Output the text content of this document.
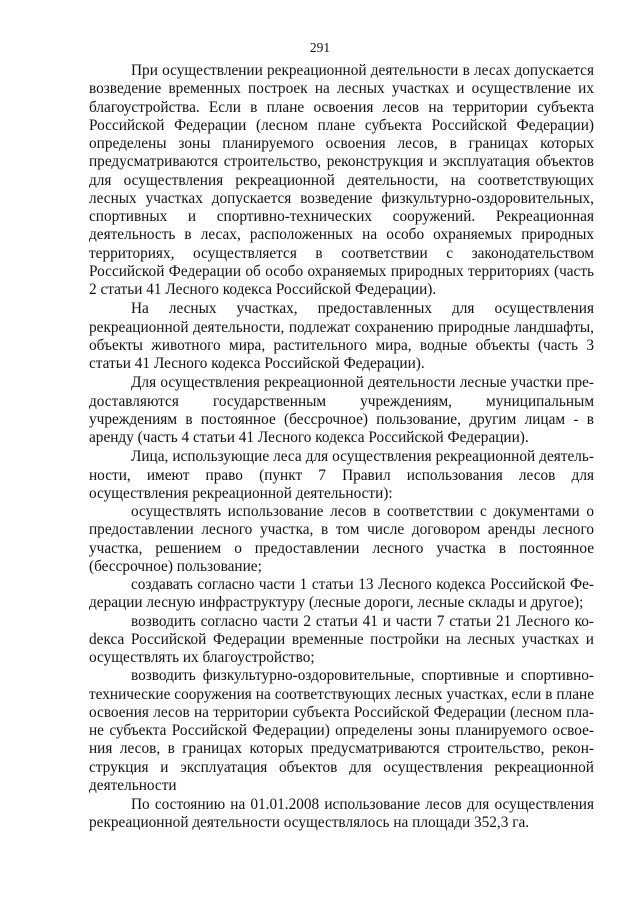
291

При осуществлении рекреационной деятельности в лесах допускается возведение временных построек на лесных участках и осуществление их благоустройства. Если в плане освоения лесов на территории субъекта Российской Федерации (лесном плане субъекта Российской Федерации) определены зоны планируемого освоения лесов, в границах которых предусматриваются строительство, реконструкция и эксплуатация объектов для осуществления рекреационной деятельности, на соответствующих лесных участках допускается возведение физкультурно-оздоровительных, спортивных и спортивно-технических сооружений. Рекреационная деятельность в лесах, расположенных на особо охраняемых природных территориях, осуществляется в соответствии с законодательством Российской Федерации об особо охраняемых природных территориях (часть 2 статьи 41 Лесного кодекса Российской Федерации).

На лесных участках, предоставленных для осуществления рекреационной деятельности, подлежат сохранению природные ландшафты, объекты животного мира, растительного мира, водные объекты (часть 3 статьи 41 Лесного кодекса Российской Федерации).

Для осуществления рекреационной деятельности лесные участки предоставляются государственным учреждениям, муниципальным учреждениям в постоянное (бессрочное) пользование, другим лицам - в аренду (часть 4 статьи 41 Лесного кодекса Российской Федерации).

Лица, использующие леса для осуществления рекреационной деятельности, имеют право (пункт 7 Правил использования лесов для осуществления рекреационной деятельности):

осуществлять использование лесов в соответствии с документами о предоставлении лесного участка, в том числе договором аренды лесного участка, решением о предоставлении лесного участка в постоянное (бессрочное) пользование;

создавать согласно части 1 статьи 13 Лесного кодекса Российской Федерации лесную инфраструктуру (лесные дороги, лесные склады и другое);

возводить согласно части 2 статьи 41 и части 7 статьи 21 Лесного коdекса Российской Федерации временные постройки на лесных участках и осуществлять их благоустройство;

возводить физкультурно-оздоровительные, спортивные и спортивно-технические сооружения на соответствующих лесных участках, если в плане освоения лесов на территории субъекта Российской Федерации (лесном плане субъекта Российской Федерации) определены зоны планируемого освоения лесов, в границах которых предусматриваются строительство, реконструкция и эксплуатация объектов для осуществления рекреационной деятельности

По состоянию на 01.01.2008 использование лесов для осуществления рекреационной деятельности осуществлялось на площади 352,3 га.
